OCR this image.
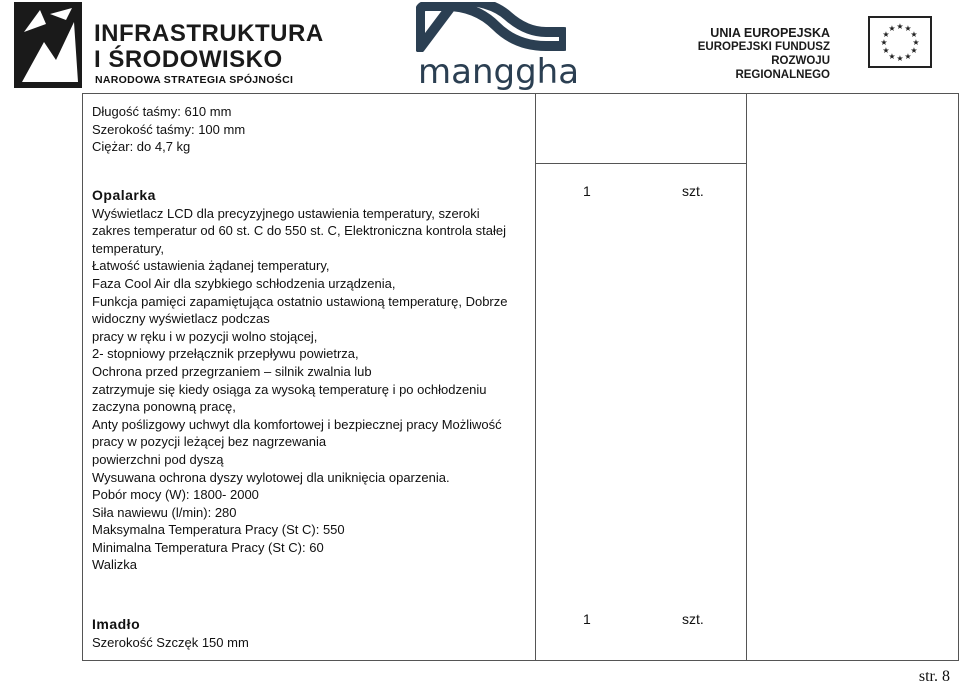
INFRASTRUKTURA
I ŚRODOWISKO
NARODOWA STRATEGIA SPÓJNOŚCI	manggha
UNIA EUROPEJSKA
EUROPEJSKI FUNDUSZ
ROZWOJU REGIONALNEGO
★ ★
★
★
★
★
★
★
★
★
★
★
Długość taśmy: 610 mm
Szerokość taśmy: 100 mm
Ciężar: do 4,7 kg
Opalarka
Wyświetlacz LCD dla precyzyjnego ustawienia temperatury, szeroki
zakres temperatur od 60 st. C do 550 st. C, Elektroniczna kontrola stałej
temperatury,
Łatwość ustawienia żądanej temperatury,
Faza Cool Air dla szybkiego schłodzenia urządzenia,
Funkcja pamięci zapamiętująca ostatnio ustawioną temperaturę, Dobrze
widoczny wyświetlacz podczas
pracy w ręku i w pozycji wolno stojącej,
2- stopniowy przełącznik przepływu powietrza,
Ochrona przed przegrzaniem – silnik zwalnia lub
zatrzymuje się kiedy osiąga za wysoką temperaturę i po ochłodzeniu
zaczyna ponowną pracę,
Anty poślizgowy uchwyt dla komfortowej i bezpiecznej pracy Możliwość
pracy w pozycji leżącej bez nagrzewania
powierzchni pod dyszą
Wysuwana ochrona dyszy wylotowej dla uniknięcia oparzenia.
Pobór mocy (W): 1800- 2000
Siła nawiewu (l/min): 280
Maksymalna Temperatura Pracy (St C): 550
Minimalna Temperatura Pracy (St C): 60
Walizka
1	szt.
Imadło
Szerokość Szczęk 150 mm
1	szt.
str. 8
